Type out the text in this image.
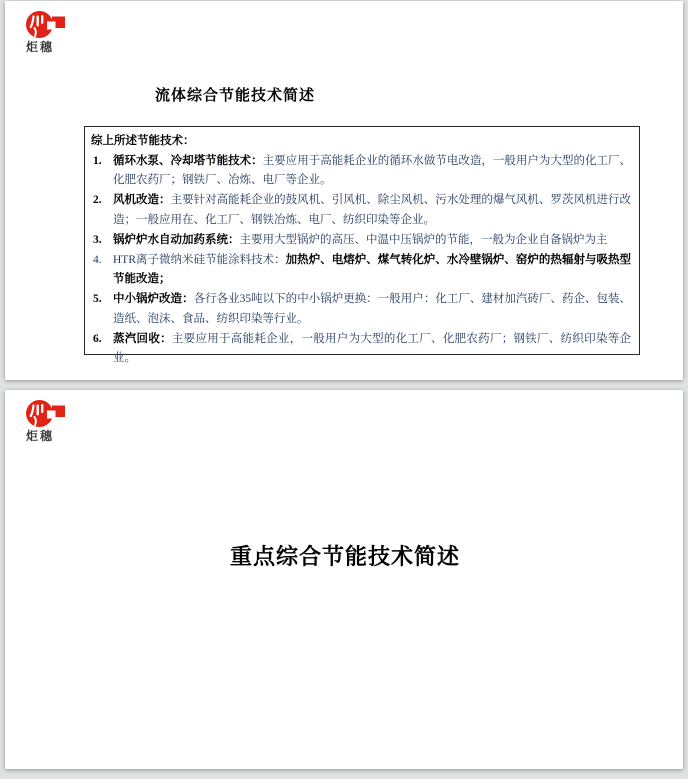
炬穗
流体综合节能技术简述
综上所述节能技术：
1. 循环水泵、冷却塔节能技术：主要应用于高能耗企业的循环水做节电改造，一般用户为大型的化工厂、化肥农药厂；钢铁厂、冶炼、电厂等企业。
2. 风机改造：主要针对高能耗企业的鼓风机、引风机、除尘风机、污水处理的爆气风机、罗茨风机进行改造；一般应用在、化工厂、钢铁冶炼、电厂、纺织印染等企业。
3. 锅炉炉水自动加药系统：主要用大型锅炉的高压、中温中压锅炉的节能，一般为企业自备锅炉为主
4. HTR离子微纳米硅节能涂料技术：加热炉、电熔炉、煤气转化炉、水冷壁锅炉、窑炉的热辐射与吸热型节能改造；
5. 中小锅炉改造：各行各业35吨以下的中小锅炉更换：一般用户：化工厂、建材加汽砖厂、药企、包装、造纸、泡沫、食品、纺织印染等行业。
6. 蒸汽回收：主要应用于高能耗企业，一般用户为大型的化工厂、化肥农药厂；钢铁厂、纺织印染等企业。
炬穗
重点综合节能技术简述
